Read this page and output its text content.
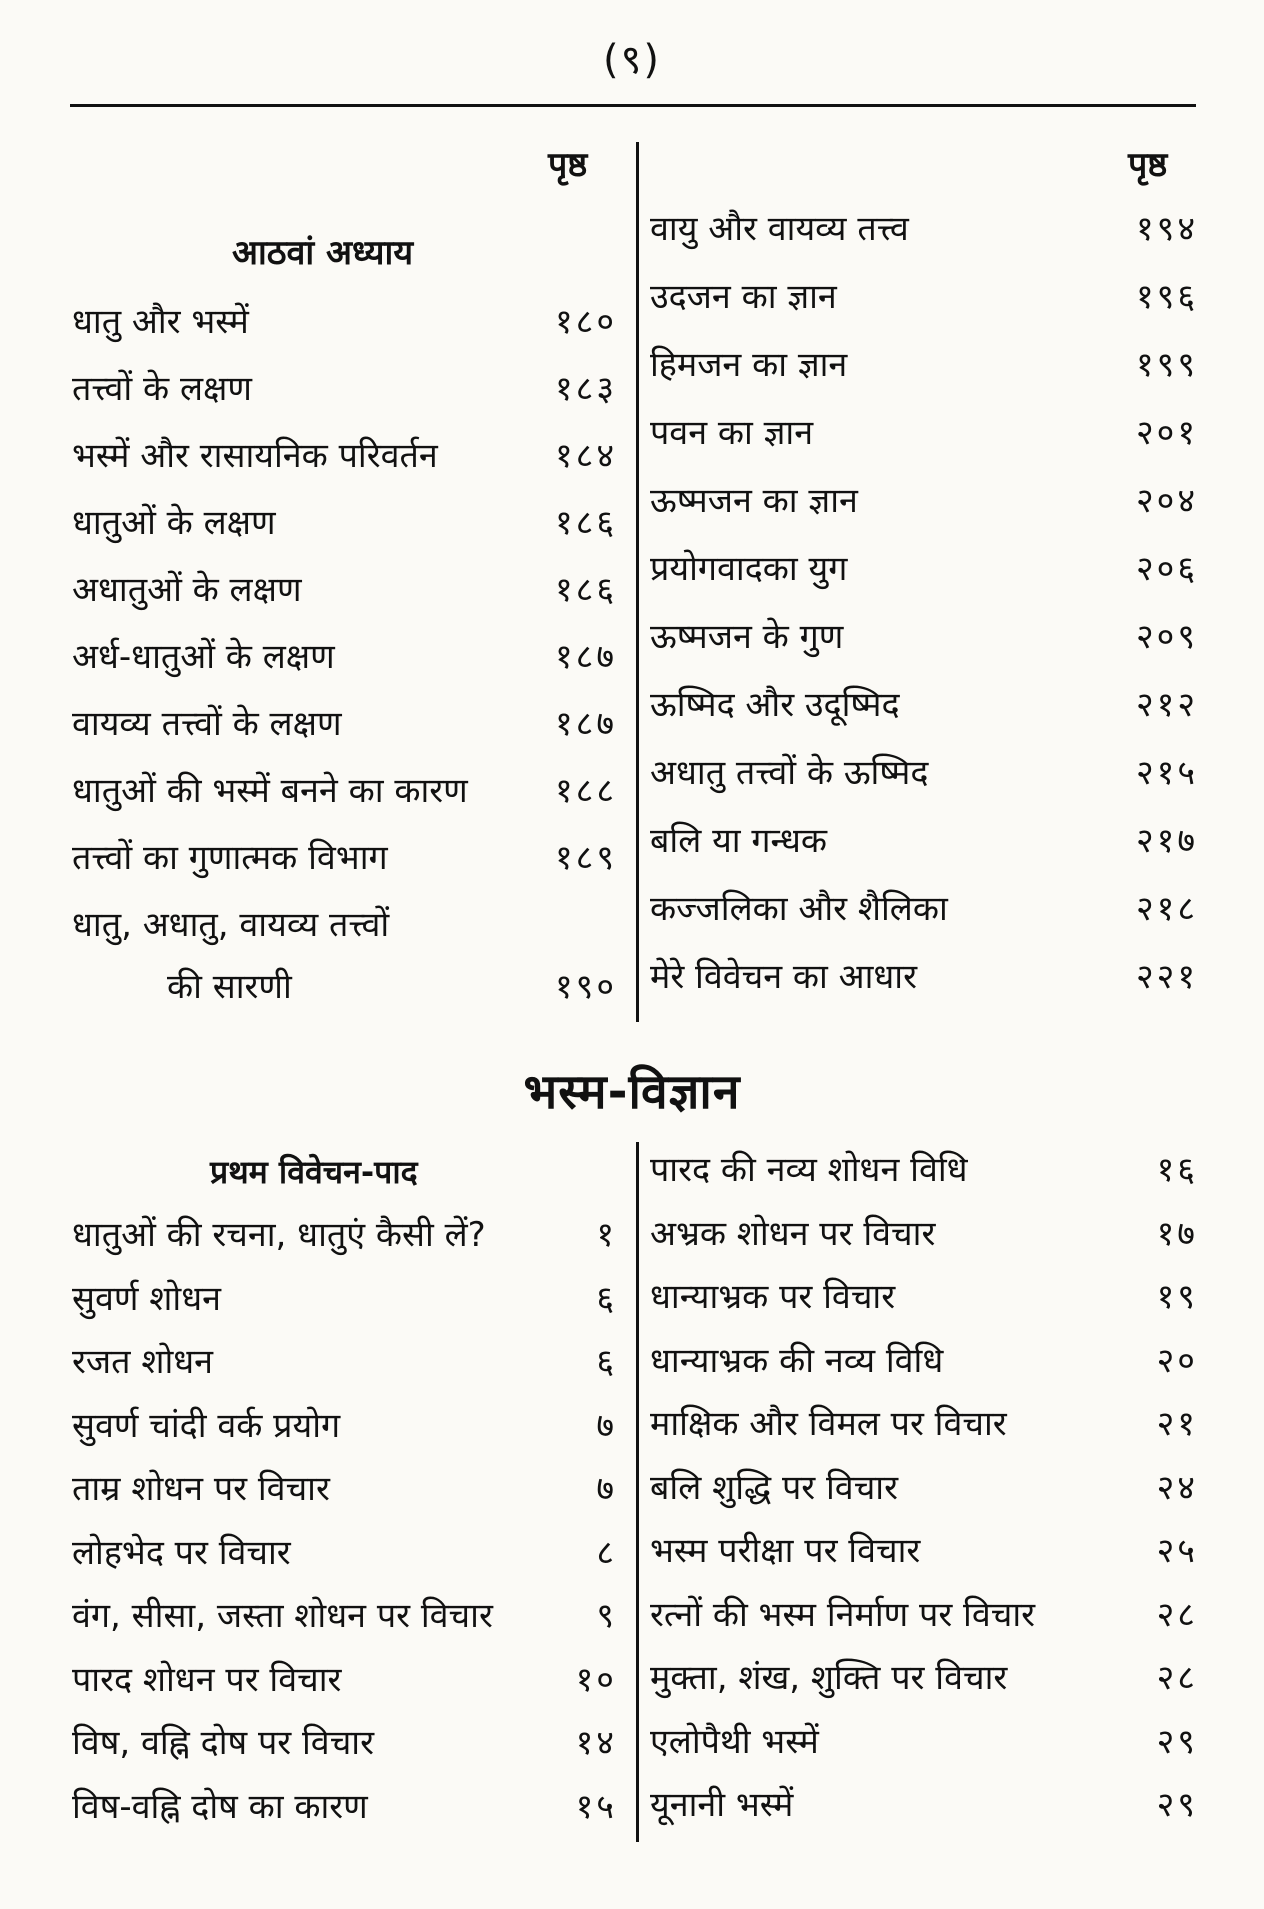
(९)
पृष्ठ	पृष्ठ
आठवां अध्याय
धातु और भस्में	१८०
तत्त्वों के लक्षण	१८३
भस्में और रासायनिक परिवर्तन	१८४
धातुओं के लक्षण	१८६
अधातुओं के लक्षण	१८६
अर्ध-धातुओं के लक्षण	१८७
वायव्य तत्त्वों के लक्षण	१८७
धातुओं की भस्में बनने का कारण	१८८
तत्त्वों का गुणात्मक विभाग	१८९
धातु, अधातु, वायव्य तत्त्वों
की सारणी	१९०
वायु और वायव्य तत्त्व	१९४
उदजन का ज्ञान	१९६
हिमजन का ज्ञान	१९९
पवन का ज्ञान	२०१
ऊष्मजन का ज्ञान	२०४
प्रयोगवादका युग	२०६
ऊष्मजन के गुण	२०९
ऊष्मिद और उदूष्मिद	२१२
अधातु तत्त्वों के ऊष्मिद	२१५
बलि या गन्धक	२१७
कज्जलिका और शैलिका	२१८
मेरे विवेचन का आधार	२२१
भस्म-विज्ञान
प्रथम विवेचन-पाद
धातुओं की रचना, धातुएं कैसी लें?	१
सुवर्ण शोधन	६
रजत शोधन	६
सुवर्ण चांदी वर्क प्रयोग	७
ताम्र शोधन पर विचार	७
लोहभेद पर विचार	८
वंग, सीसा, जस्ता शोधन पर विचार	९
पारद शोधन पर विचार	१०
विष, वह्नि दोष पर विचार	१४
विष-वह्नि दोष का कारण	१५
पारद की नव्य शोधन विधि	१६
अभ्रक शोधन पर विचार	१७
धान्याभ्रक पर विचार	१९
धान्याभ्रक की नव्य विधि	२०
माक्षिक और विमल पर विचार	२१
बलि शुद्धि पर विचार	२४
भस्म परीक्षा पर विचार	२५
रत्नों की भस्म निर्माण पर विचार	२८
मुक्ता, शंख, शुक्ति पर विचार	२८
एलोपैथी भस्में	२९
यूनानी भस्में	२९
